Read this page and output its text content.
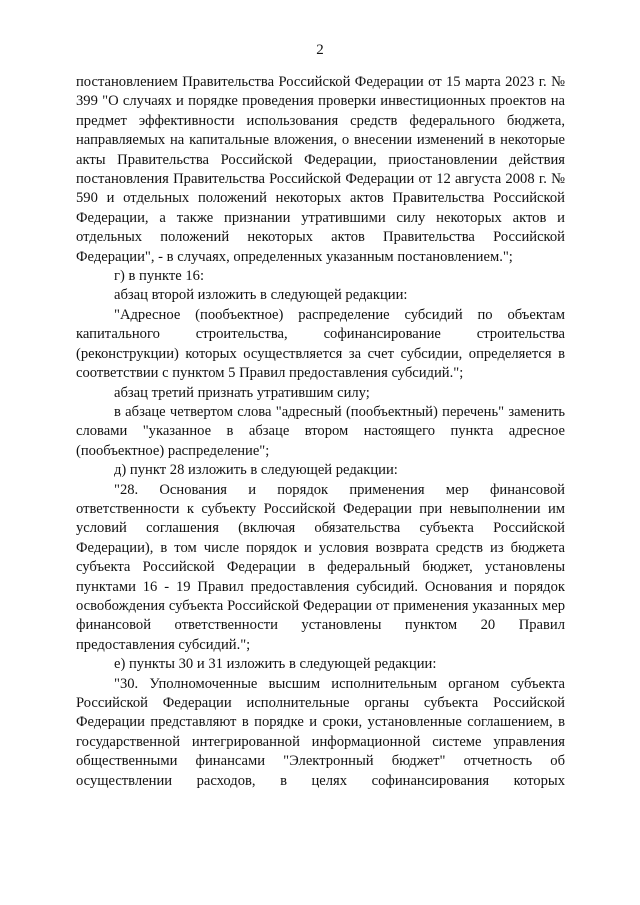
2

постановлением Правительства Российской Федерации от 15 марта 2023 г. № 399 "О случаях и порядке проведения проверки инвестиционных проектов на предмет эффективности использования средств федерального бюджета, направляемых на капитальные вложения, о внесении изменений в некоторые акты Правительства Российской Федерации, приостановлении действия постановления Правительства Российской Федерации от 12 августа 2008 г. № 590 и отдельных положений некоторых актов Правительства Российской Федерации, а также признании утратившими силу некоторых актов и отдельных положений некоторых актов Правительства Российской Федерации", - в случаях, определенных указанным постановлением.";

г) в пункте 16:

абзац второй изложить в следующей редакции:

"Адресное (пообъектное) распределение субсидий по объектам капитального строительства, софинансирование строительства (реконструкции) которых осуществляется за счет субсидии, определяется в соответствии с пунктом 5 Правил предоставления субсидий.";

абзац третий признать утратившим силу;

в абзаце четвертом слова "адресный (пообъектный) перечень" заменить словами "указанное в абзаце втором настоящего пункта адресное (пообъектное) распределение";

д) пункт 28 изложить в следующей редакции:

"28. Основания и порядок применения мер финансовой ответственности к субъекту Российской Федерации при невыполнении им условий соглашения (включая обязательства субъекта Российской Федерации), в том числе порядок и условия возврата средств из бюджета субъекта Российской Федерации в федеральный бюджет, установлены пунктами 16 - 19 Правил предоставления субсидий. Основания и порядок освобождения субъекта Российской Федерации от применения указанных мер финансовой ответственности установлены пунктом 20 Правил предоставления субсидий.";

е) пункты 30 и 31 изложить в следующей редакции:

"30. Уполномоченные высшим исполнительным органом субъекта Российской Федерации исполнительные органы субъекта Российской Федерации представляют в порядке и сроки, установленные соглашением, в государственной интегрированной информационной системе управления общественными финансами "Электронный бюджет" отчетность об осуществлении расходов, в целях софинансирования которых
